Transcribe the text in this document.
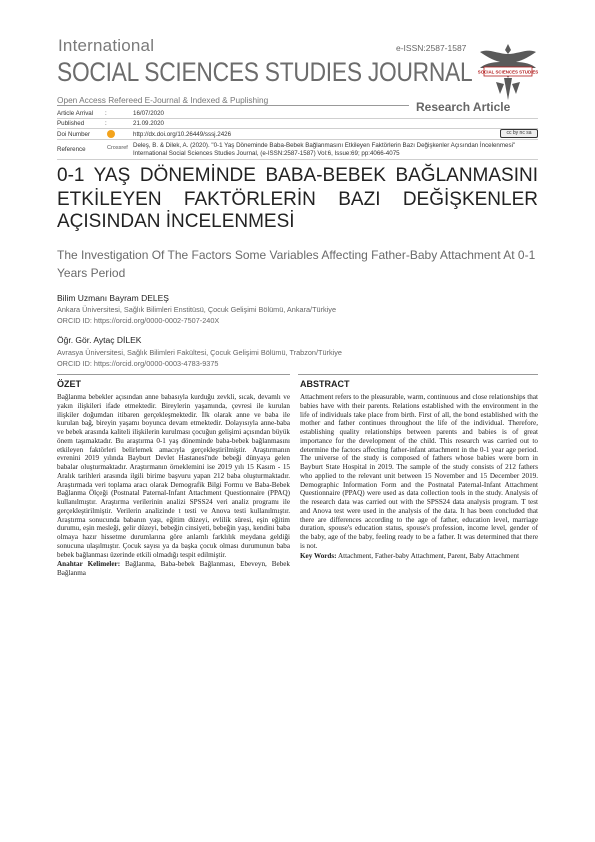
International	e-ISSN:2587-1587
SOCIAL SCIENCES STUDIES JOURNAL SOCIAL SCIENCES STUDIES
Open Access Refereed E-Journal & Indexed & Puplishing	Research Article
Article Arrival :	16/07/2020
Published	:	21.09.2020
Doi Number	http://dx.doi.org/10.26449/sssj.2426	cc by nc sa
Reference	Crossref Deleş, B. & Dilek, A. (2020). "0-1 Yaş Döneminde Baba-Bebek Bağlanmasını Etkileyen Faktörlerin Bazı Değişkenler Açısından İncelenmesi" International Social Sciences Studies Journal, (e-ISSN:2587-1587) Vol:6, Issue:69; pp:4066-4075
0-1 YAŞ DÖNEMİNDE BABA-BEBEK BAĞLANMASINI
ETKİLEYEN FAKTÖRLERİN BAZI DEĞİŞKENLER
AÇISINDAN İNCELENMESİ
The Investigation Of The Factors Some Variables Affecting Father-Baby Attachment At 0-1 Years Period
Bilim Uzmanı Bayram DELEŞ
Ankara Üniversitesi, Sağlık Bilimleri Enstitüsü, Çocuk Gelişimi Bölümü, Ankara/Türkiye
ORCID ID: https://orcid.org/0000-0002-7507-240X
Öğr. Gör. Aytaç DİLEK
Avrasya Üniversitesi, Sağlık Bilimleri Fakültesi, Çocuk Gelişimi Bölümü, Trabzon/Türkiye
ORCID ID: https://orcid.org/0000-0003-4783-9375
ÖZET
Bağlanma bebekler açısından anne babasıyla kurduğu zevkli, sıcak, devamlı ve yakın ilişkileri ifade etmektedir. Bireylerin yaşamında, çevresi ile kurulan ilişkiler doğumdan itibaren gerçekleşmektedir. İlk olarak anne ve baba ile kurulan bağ, bireyin yaşamı boyunca devam etmektedir. Dolayısıyla anne-baba ve bebek arasında kaliteli ilişkilerin kurulması çocuğun gelişimi açısından büyük önem taşımaktadır. Bu araştırma 0-1 yaş döneminde baba-bebek bağlanmasını etkileyen faktörleri belirlemek amacıyla gerçekleştirilmiştir. Araştırmanın evrenini 2019 yılında Bayburt Devlet Hastanesi'nde bebeği dünyaya gelen babalar oluşturmaktadır. Araştırmanın örneklemini ise 2019 yılı 15 Kasım - 15 Aralık tarihleri arasında ilgili birime başvuru yapan 212 baba oluşturmaktadır. Araştırmada veri toplama aracı olarak Demografik Bilgi Formu ve Baba-Bebek Bağlanma Ölçeği (Postnatal Paternal-Infant Attachment Questionnaire (PPAQ) kullanılmıştır. Araştırma verilerinin analizi SPSS24 veri analiz programı ile gerçekleştirilmiştir. Verilerin analizinde t testi ve Anova testi kullanılmıştır. Araştırma sonucunda babanın yaşı, eğitim düzeyi, evlilik süresi, eşin eğitim durumu, eşin mesleği, gelir düzeyi, bebeğin cinsiyeti, bebeğin yaşı, kendini baba olmaya hazır hissetme durumlarına göre anlamlı farklılık meydana geldiği sonucuna ulaşılmıştır. Çocuk sayısı ya da başka çocuk olması durumunun baba bebek bağlanması üzerinde etkili olmadığı tespit edilmiştir.
Anahtar Kelimeler: Bağlanma, Baba-bebek Bağlanması, Ebeveyn, Bebek Bağlanma
ABSTRACT
Attachment refers to the pleasurable, warm, continuous and close relationships that babies have with their parents. Relations established with the environment in the life of individuals take place from birth. First of all, the bond established with the mother and father continues throughout the life of the individual. Therefore, establishing quality relationships between parents and babies is of great importance for the development of the child. This research was carried out to determine the factors affecting father-infant attachment in the 0-1 year age period. The universe of the study is composed of fathers whose babies were born in Bayburt State Hospital in 2019. The sample of the study consists of 212 fathers who applied to the relevant unit between 15 November and 15 December 2019. Demographic Information Form and the Postnatal Paternal-Infant Attachment Questionnaire (PPAQ) were used as data collection tools in the study. Analysis of the research data was carried out with the SPSS24 data analysis program. T test and Anova test were used in the analysis of the data. It has been concluded that there are differences according to the age of father, education level, marriage duration, spouse's education status, spouse's profession, income level, gender of the baby, age of the baby, feeling ready to be a father. It was determined that there is not.
Key Words: Attachment, Father-baby Attachment, Parent, Baby Attachment
